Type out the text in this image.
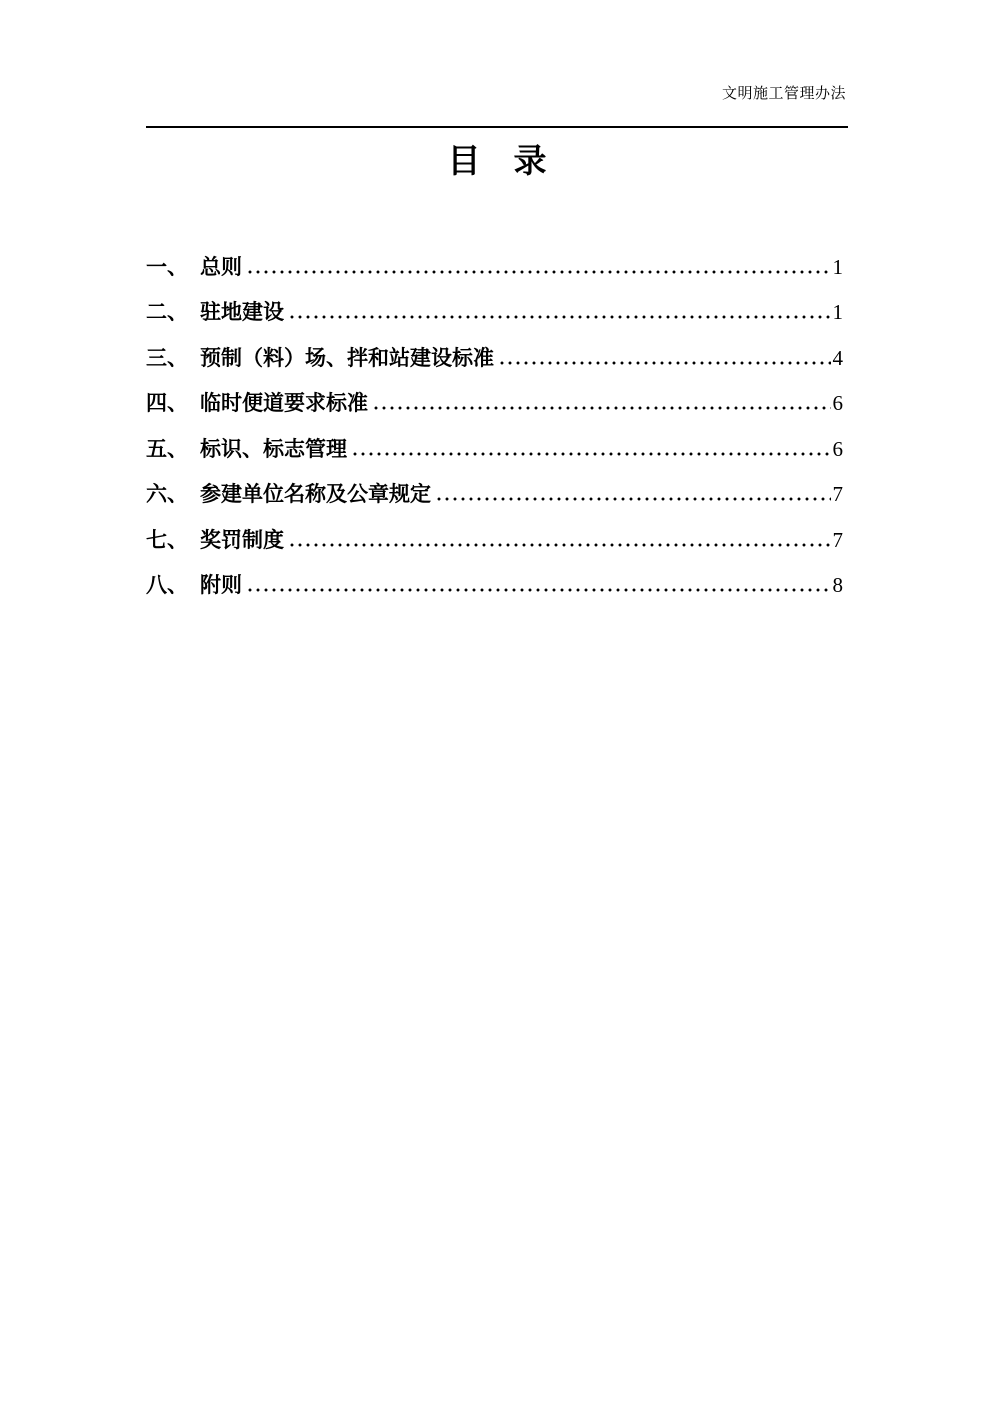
文明施工管理办法
目　录
一、 总则	1
二、 驻地建设	1
三、 预制（料）场、拌和站建设标准	4
四、 临时便道要求标准	6
五、 标识、标志管理	6
六、 参建单位名称及公章规定	7
七、 奖罚制度	7
八、 附则	8
